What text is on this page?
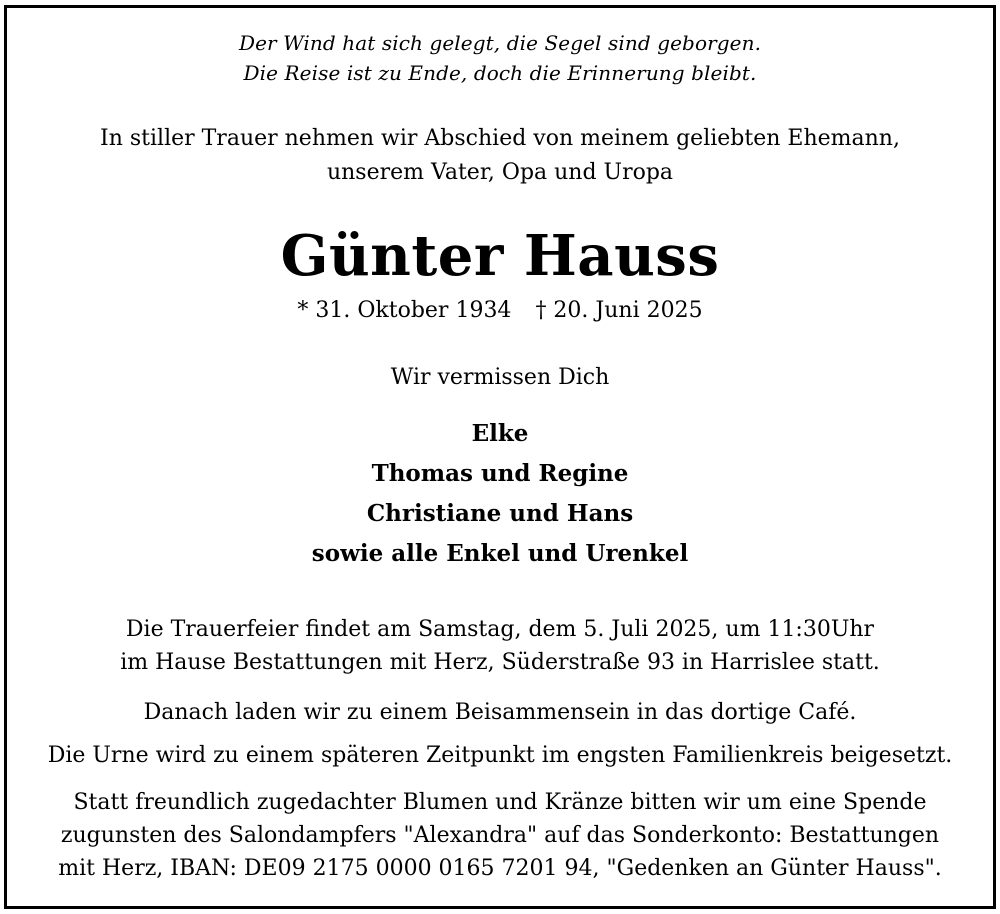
Der Wind hat sich gelegt, die Segel sind geborgen.
Die Reise ist zu Ende, doch die Erinnerung bleibt.
In stiller Trauer nehmen wir Abschied von meinem geliebten Ehemann,
unserem Vater, Opa und Uropa
Günter Hauss
* 31. Oktober 1934 † 20. Juni 2025
Wir vermissen Dich
Elke
Thomas und Regine
Christiane und Hans
sowie alle Enkel und Urenkel
Die Trauerfeier findet am Samstag, dem 5. Juli 2025, um 11:30Uhr
im Hause Bestattungen mit Herz, Süderstraße 93 in Harrislee statt.
Danach laden wir zu einem Beisammensein in das dortige Café.
Die Urne wird zu einem späteren Zeitpunkt im engsten Familienkreis beigesetzt.
Statt freundlich zugedachter Blumen und Kränze bitten wir um eine Spende
zugunsten des Salondampfers "Alexandra" auf das Sonderkonto: Bestattungen
mit Herz, IBAN: DE09 2175 0000 0165 7201 94, "Gedenken an Günter Hauss".
